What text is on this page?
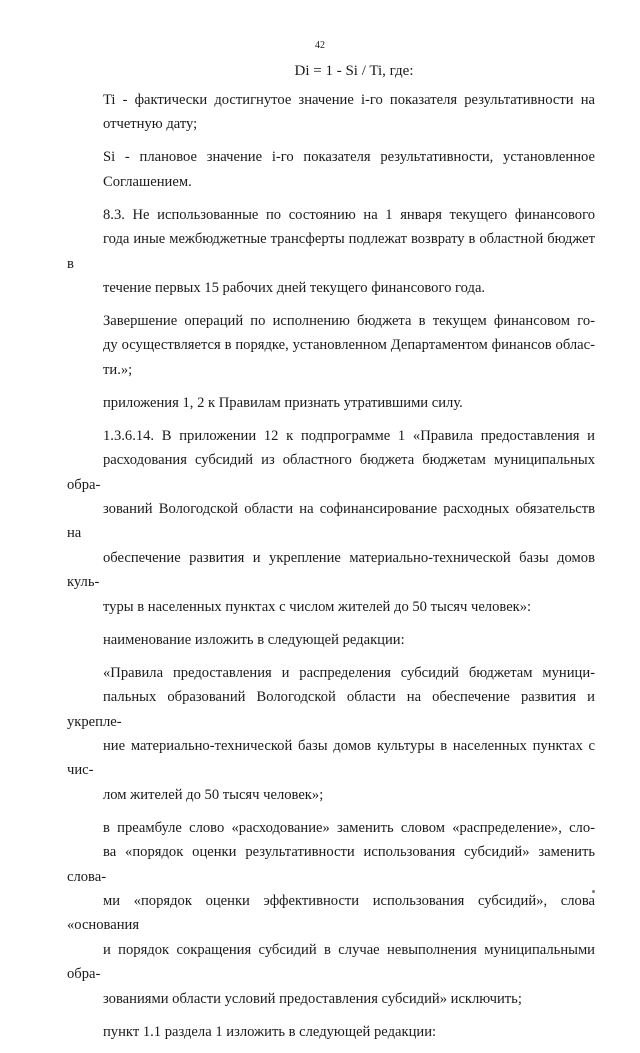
42
Di = 1 - Si / Ti, где:

Ti - фактически достигнутое значение i-го показателя результативности на
отчетную дату;

Si - плановое значение i-го показателя результативности, установленное
Соглашением.

8.3. Не использованные по состоянию на 1 января текущего финансового
года иные межбюджетные трансферты подлежат возврату в областной бюджет в
течение первых 15 рабочих дней текущего финансового года.

Завершение операций по исполнению бюджета в текущем финансовом го-
ду осуществляется в порядке, установленном Департаментом финансов облас-
ти.»;

приложения 1, 2 к Правилам признать утратившими силу.

1.3.6.14. В приложении 12 к подпрограмме 1 «Правила предоставления и
расходования субсидий из областного бюджета бюджетам муниципальных обра-
зований Вологодской области на софинансирование расходных обязательств на
обеспечение развития и укрепление материально-технической базы домов куль-
туры в населенных пунктах с числом жителей до 50 тысяч человек»:

наименование изложить в следующей редакции:

«Правила предоставления и распределения субсидий бюджетам муници-
пальных образований Вологодской области на обеспечение развития и укрепле-
ние материально-технической базы домов культуры в населенных пунктах с чис-
лом жителей до 50 тысяч человек»;

в преамбуле слово «расходование» заменить словом «распределение», сло-
ва «порядок оценки результативности использования субсидий» заменить слова-
ми «порядок оценки эффективности использования субсидий», слова «основания
и порядок сокращения субсидий в случае невыполнения муниципальными обра-
зованиями области условий предоставления субсидий» исключить;

пункт 1.1 раздела 1 изложить в следующей редакции:
